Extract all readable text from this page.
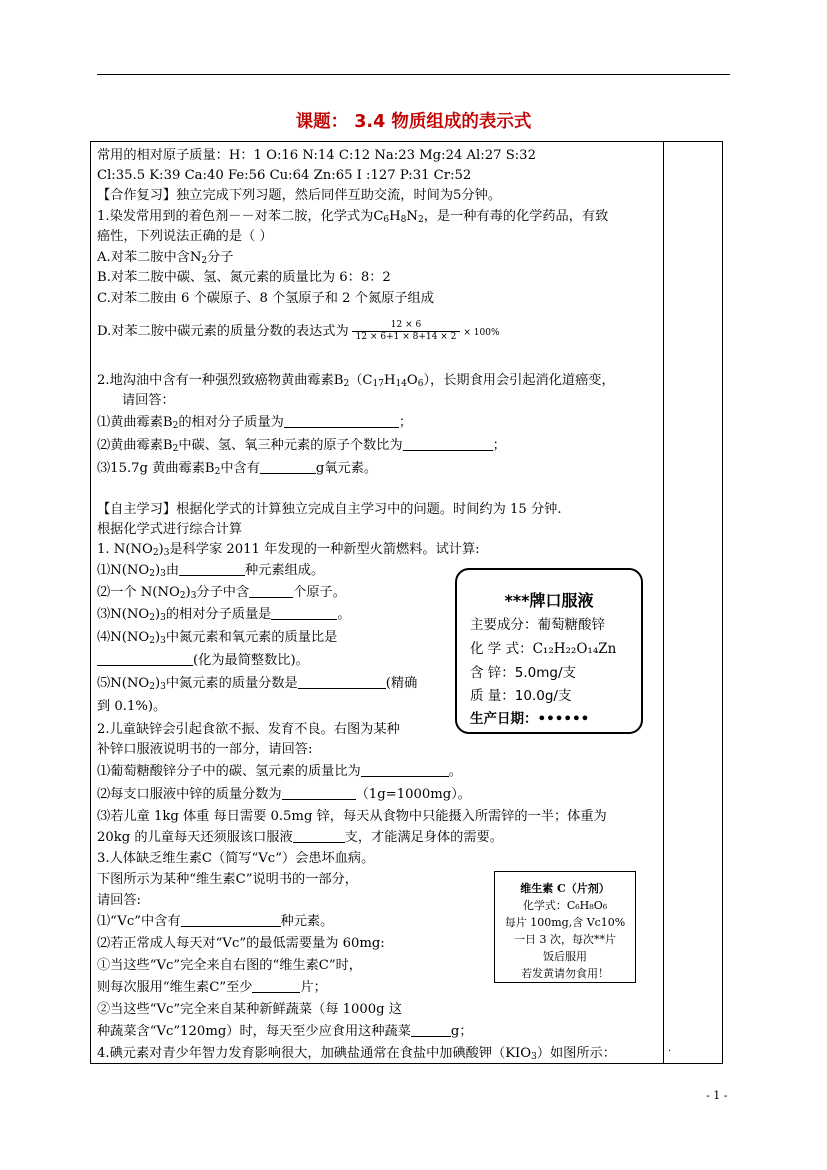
课题： 3.4 物质组成的表示式
常用的相对原子质量：H：1 O:16 N:14 C:12 Na:23 Mg:24 Al:27 S:32
Cl:35.5 K:39 Ca:40 Fe:56 Cu:64 Zn:65 I :127 P:31 Cr:52
【合作复习】独立完成下列习题，然后同伴互助交流，时间为5分钟。
1.染发常用到的着色剂－－对苯二胺，化学式为$C_6H_8N_2$，是一种有毒的化学药品，有致
癌性，下列说法正确的是（ ）
A.对苯二胺中含$N_2$分子
B.对苯二胺中碳、氢、氮元素的质量比为 6：8：2
C.对苯二胺由 6 个碳原子、8 个氢原子和 2 个氮原子组成
D.对苯二胺中碳元素的质量分数的表达式为 $\frac{12 \times 6}{12 \times 6+1 \times 8+14 \times 2} \times 100\%$
2.地沟油中含有一种强烈致癌物黄曲霉素$B_2(C_{17}H_{14}O_6)$，长期食用会引起消化道癌变，
请回答：
⑴黄曲霉素$B_2$的相对分子质量为	；
⑵黄曲霉素$B_2$中碳、氢、氧三种元素的原子个数比为	；
⑶15.7g 黄曲霉素$B_2$中含有	g氧元素。
【自主学习】根据化学式的计算独立完成自主学习中的问题。时间约为 15 分钟.
根据化学式进行综合计算
1. $N(NO_2)_3$是科学家 2011 年发现的一种新型火箭燃料。试计算:
$⑴N(NO_2)_3$由	种元素组成。
⑵一个 $N(NO_2)_3$分子中含	个原子。
$⑶N(NO_2)_3$的相对分子质量是	。
$⑷N(NO_2)_3$中氮元素和氧元素的质量比是
(化为最简整数比)。
$⑸N(NO_2)_3$中氮元素的质量分数是	(精确
到 0.1%)。
2.儿童缺锌会引起食欲不振、发育不良。右图为某种
补锌口服液说明书的一部分，请回答:
⑴葡萄糖酸锌分子中的碳、氢元素的质量比为	。
⑵每支口服液中锌的质量分数为	（1g=1000mg）。
⑶若儿童 1kg 体重 每日需要 0.5mg 锌，每天从食物中只能摄入所需锌的一半；体重为
20kg 的儿童每天还须服该口服液	支，才能满足身体的需要。
3.人体缺乏维生素C（简写“Vc”）会患坏血病。
下图所示为某种“维生素C”说明书的一部分，
请回答:
⑴“Vc”中含有	种元素。
⑵若正常成人每天对“Vc”的最低需要量为 60mg:
①当这些“Vc”完全来自右图的“维生素C”时，
则每次服用“维生素C”至少	片；
②当这些“Vc”完全来自某种新鲜蔬菜（每 1000g 这
种蔬菜含“Vc”120mg）时，每天至少应食用这种蔬菜	g；
4.碘元素对青少年智力发育影响很大，加碘盐通常在食盐中加碘酸钾$(KIO_3)$如图所示：
***牌口服液
主要成分：葡萄糖酸锌
化 学 式：C₁₂H₂₂O₁₄Zn
含 锌：5.0mg/支
质 量：10.0g/支
生产日期：••••••
维生素 C（片剂）
化学式：C₆H₈O₆
每片 100mg,含 Vc10%
一日 3 次，每次**片
饭后服用
若发黄请勿食用！
·
- 1 -
